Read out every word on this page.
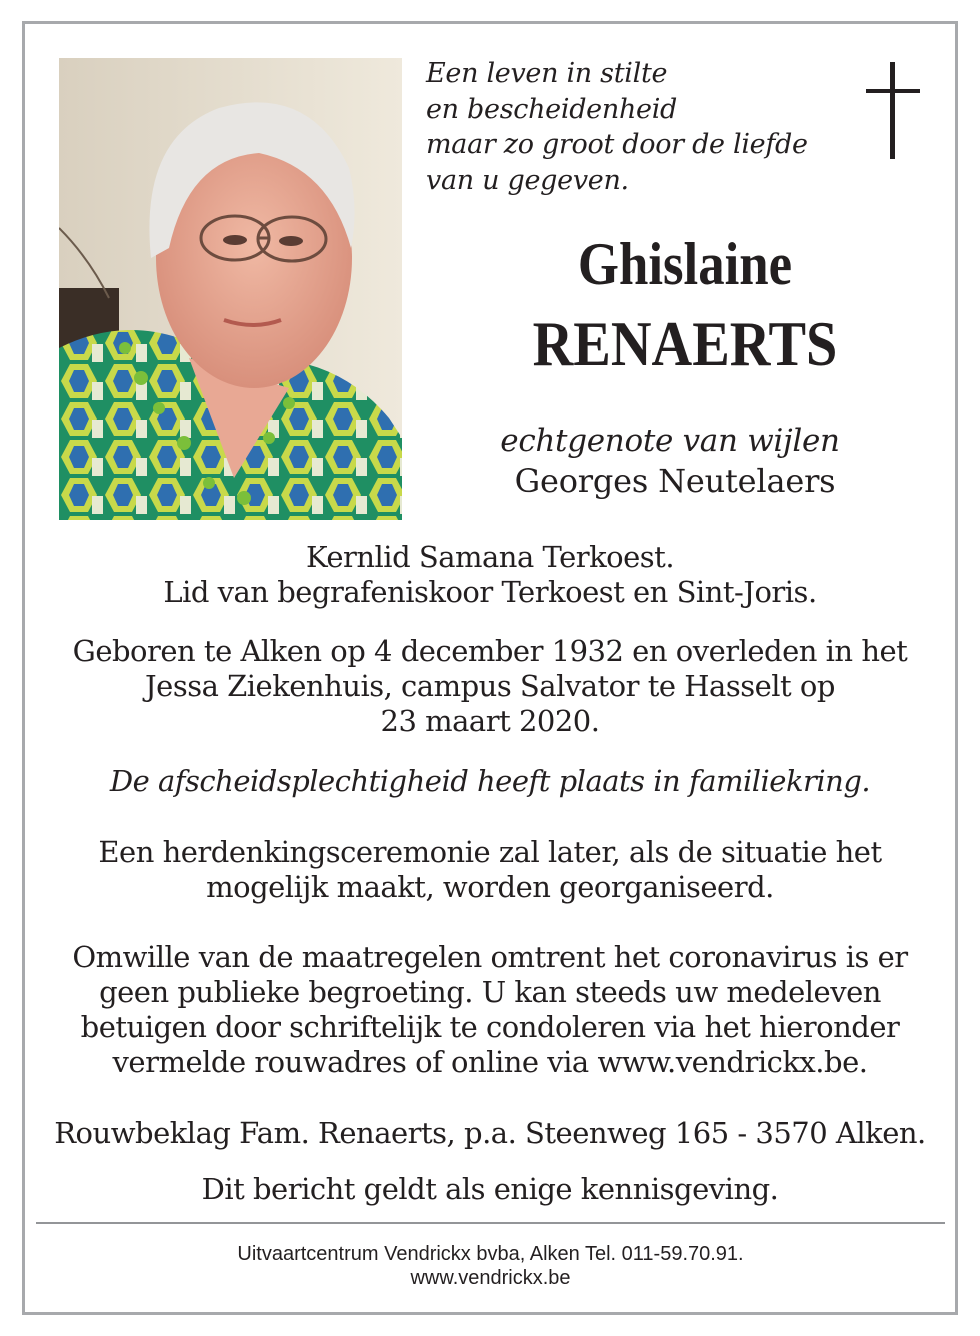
Een leven in stilte
en bescheidenheid
maar zo groot door de liefde
van u gegeven.
Ghislaine
RENAERTS
echtgenote van wijlen
Georges Neutelaers
Kernlid Samana Terkoest.
Lid van begrafeniskoor Terkoest en Sint-Joris.
Geboren te Alken op 4 december 1932 en overleden in het
Jessa Ziekenhuis, campus Salvator te Hasselt op
23 maart 2020.
De afscheidsplechtigheid heeft plaats in familiekring.
Een herdenkingsceremonie zal later, als de situatie het
mogelijk maakt, worden georganiseerd.
Omwille van de maatregelen omtrent het coronavirus is er
geen publieke begroeting. U kan steeds uw medeleven
betuigen door schriftelijk te condoleren via het hieronder
vermelde rouwadres of online via www.vendrickx.be.
Rouwbeklag Fam. Renaerts, p.a. Steenweg 165 - 3570 Alken.
Dit bericht geldt als enige kennisgeving.
Uitvaartcentrum Vendrickx bvba, Alken Tel. 011-59.70.91.
www.vendrickx.be
